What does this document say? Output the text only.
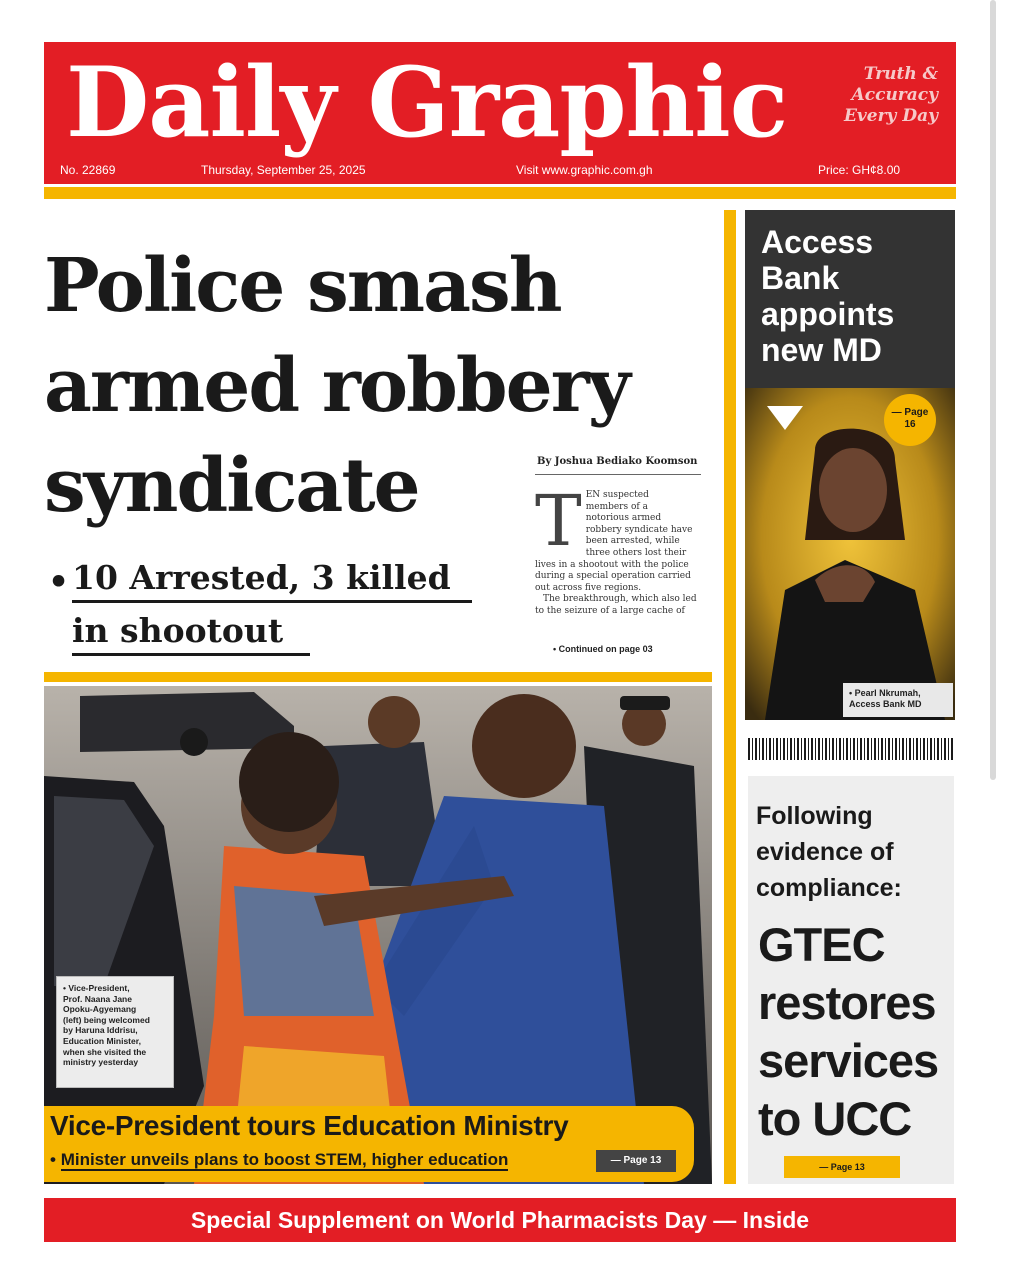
Daily Graphic	Truth &
Accuracy
Every Day
No. 22869	Thursday, September 25, 2025	Visit www.graphic.com.gh	Price: GH¢8.00
Police smash
armed robbery
syndicate
• 10 Arrested, 3 killed
in shootout
By Joshua Bediako Koomson
T EN suspected
members of a
notorious armed
robbery syndicate have
been arrested, while
three others lost their
lives in a shootout with the police
during a special operation carried
out across five regions.
The breakthrough, which also led
to the seizure of a large cache of
• Continued on page 03
• Vice-President,
Prof. Naana Jane
Opoku-Agyemang
(left) being welcomed
by Haruna Iddrisu,
Education Minister,
when she visited the
ministry yesterday
Vice-President tours Education Ministry
• Minister unveils plans to boost STEM, higher education	— Page 13
Access
Bank
appoints
new MD
— Page
16
• Pearl Nkrumah,
Access Bank MD
Following
evidence of
compliance:
GTEC
restores
services
to UCC
— Page 13
Special Supplement on World Pharmacists Day — Inside
